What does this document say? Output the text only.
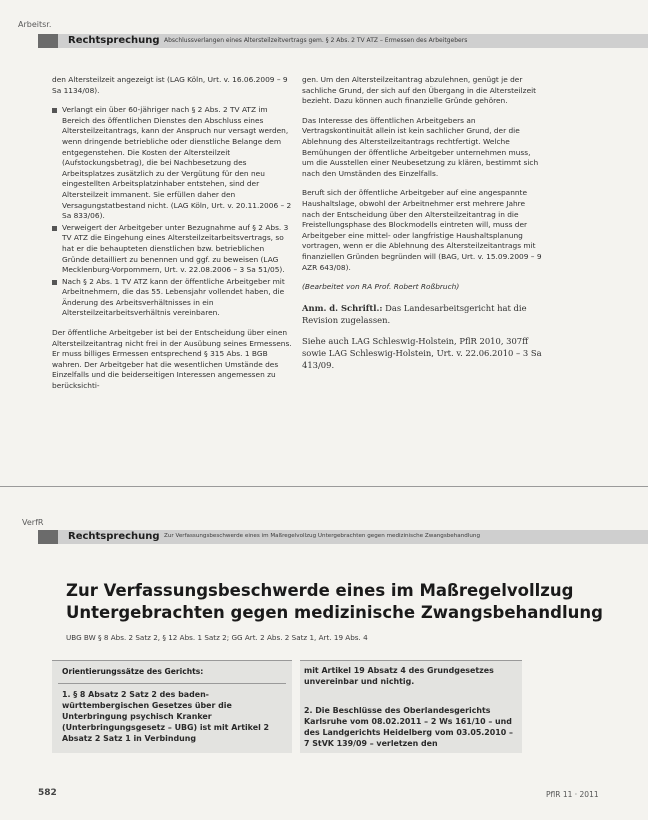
Arbeitsr.
Rechtsprechung Abschlussverlangen eines Altersteilzeitvertrags gem. § 2 Abs. 2 TV ATZ – Ermessen des Arbeitgebers

den Altersteilzeit angezeigt ist (LAG Köln, Urt. v. 16.06.2009 – 9 Sa 1134/08).

Verlangt ein über 60-jähriger nach § 2 Abs. 2 TV ATZ im Bereich des öffentlichen Dienstes den Abschluss eines Altersteilzeitantrags, kann der Anspruch nur versagt werden, wenn dringende betriebliche oder dienstliche Belange dem entgegenstehen. Die Kosten der Altersteilzeit (Aufstockungsbetrag), die bei Nachbesetzung des Arbeitsplatzes zusätzlich zu der Vergütung für den neu eingestellten Arbeitsplatzinhaber entstehen, sind der Altersteilzeit immanent. Sie erfüllen daher den Versagungstatbestand nicht. (LAG Köln, Urt. v. 20.11.2006 – 2 Sa 833/06).
Verweigert der Arbeitgeber unter Bezugnahme auf § 2 Abs. 3 TV ATZ die Eingehung eines Altersteilzeitarbeitsvertrags, so hat er die behaupteten dienstlichen bzw. betrieblichen Gründe detailliert zu benennen und ggf. zu beweisen (LAG Mecklenburg-Vorpommern, Urt. v. 22.08.2006 – 3 Sa 51/05).
Nach § 2 Abs. 1 TV ATZ kann der öffentliche Arbeitgeber mit Arbeitnehmern, die das 55. Lebensjahr vollendet haben, die Änderung des Arbeitsverhältnisses in ein Altersteilzeitarbeitsverhältnis vereinbaren.

Der öffentliche Arbeitgeber ist bei der Entscheidung über einen Altersteilzeitantrag nicht frei in der Ausübung seines Ermessens. Er muss billiges Ermessen entsprechend § 315 Abs. 1 BGB wahren. Der Arbeitgeber hat die wesentlichen Umstände des Einzelfalls und die beiderseitigen Interessen angemessen zu berücksichti-

gen. Um den Altersteilzeitantrag abzulehnen, genügt je der sachliche Grund, der sich auf den Übergang in die Altersteilzeit bezieht. Dazu können auch finanzielle Gründe gehören.

Das Interesse des öffentlichen Arbeitgebers an Vertragskontinuität allein ist kein sachlicher Grund, der die Ablehnung des Altersteilzeitantrags rechtfertigt. Welche Bemühungen der öffentliche Arbeitgeber unternehmen muss, um die Ausstellen einer Neubesetzung zu klären, bestimmt sich nach den Umständen des Einzelfalls.

Beruft sich der öffentliche Arbeitgeber auf eine angespannte Haushaltslage, obwohl der Arbeitnehmer erst mehrere Jahre nach der Entscheidung über den Altersteilzeitantrag in die Freistellungsphase des Blockmodells eintreten will, muss der Arbeitgeber eine mittel- oder langfristige Haushaltsplanung vortragen, wenn er die Ablehnung des Altersteilzeitantrags mit finanziellen Gründen begründen will (BAG, Urt. v. 15.09.2009 – 9 AZR 643/08).

(Bearbeitet von RA Prof. Robert Roßbruch)

Anm. d. Schriftl.: Das Landesarbeitsgericht hat die Revision zugelassen.

Siehe auch LAG Schleswig-Holstein, PflR 2010, 307ff sowie LAG Schleswig-Holstein, Urt. v. 22.06.2010 – 3 Sa 413/09.

VerfR
Rechtsprechung Zur Verfassungsbeschwerde eines im Maßregelvollzug Untergebrachten gegen medizinische Zwangsbehandlung
Zur Verfassungsbeschwerde eines im Maßregelvollzug
Untergebrachten gegen medizinische Zwangsbehandlung
UBG BW § 8 Abs. 2 Satz 2, § 12 Abs. 1 Satz 2; GG Art. 2 Abs. 2 Satz 1, Art. 19 Abs. 4
Orientierungssätze des Gerichts:
1. § 8 Absatz 2 Satz 2 des baden-württembergischen Gesetzes über die Unterbringung psychisch Kranker (Unterbringungsgesetz – UBG) ist mit Artikel 2 Absatz 2 Satz 1 in Verbindung
mit Artikel 19 Absatz 4 des Grundgesetzes unvereinbar und nichtig.
2. Die Beschlüsse des Oberlandesgerichts Karlsruhe vom 08.02.2011 – 2 Ws 161/10 – und des Landgerichts Heidelberg vom 03.05.2010 – 7 StVK 139/09 – verletzen den
582	PflR 11 · 2011
